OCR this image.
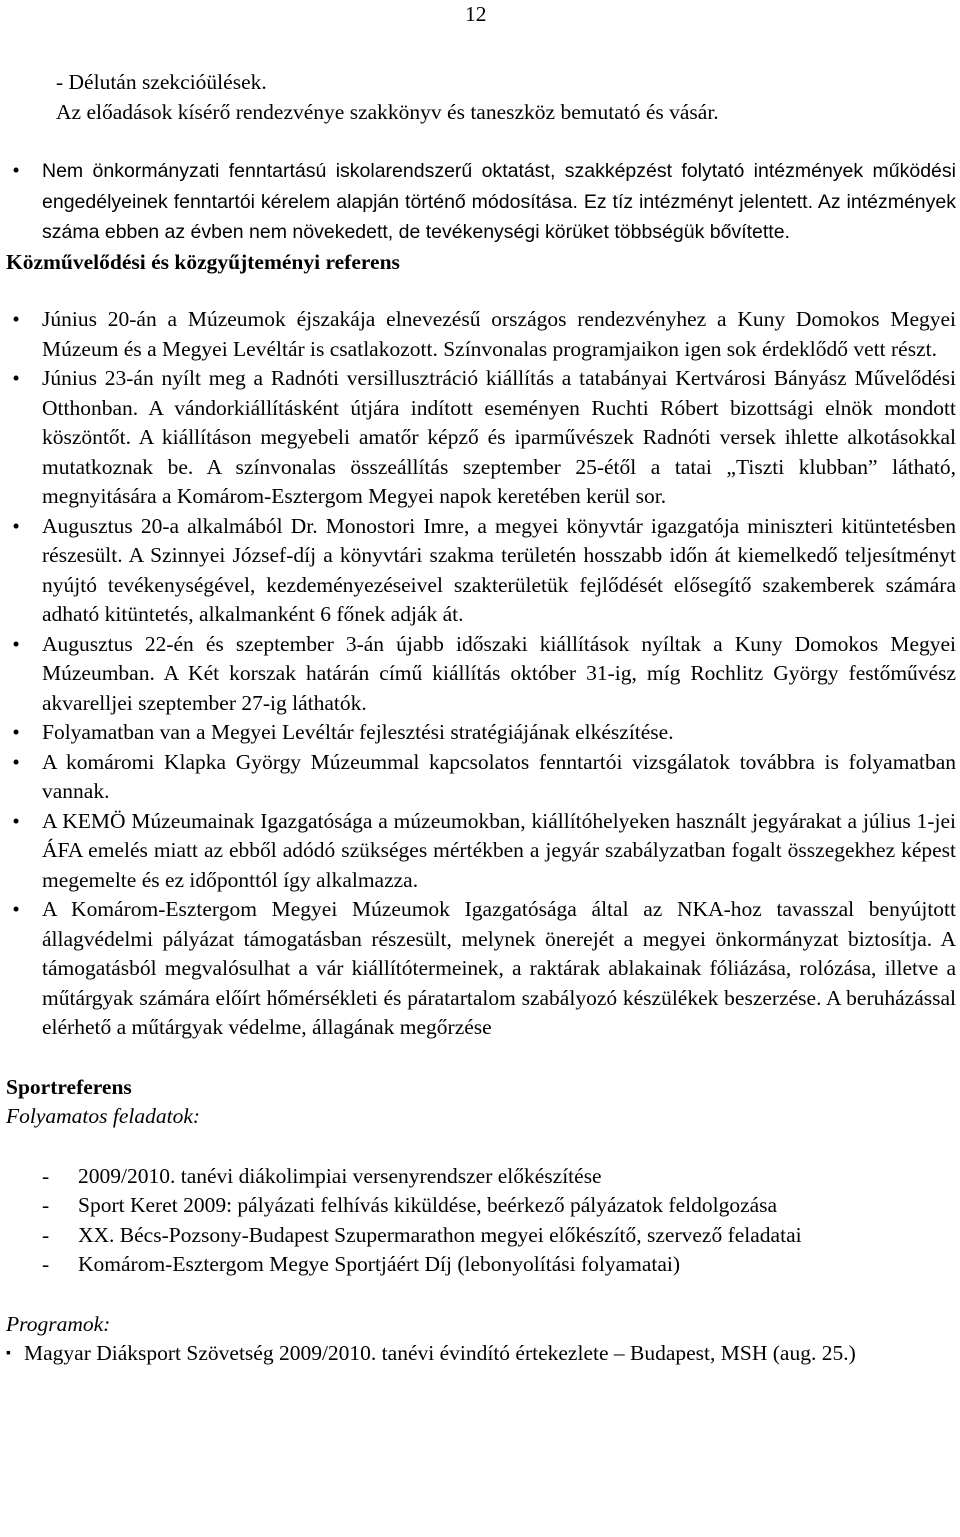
12

- Délután szekcióülések.

Az előadások kísérő rendezvénye szakkönyv és taneszköz bemutató és vásár.

•	Nem önkormányzati fenntartású iskolarendszerű oktatást, szakképzést folytató intézmények működési engedélyeinek fenntartói kérelem alapján történő módosítása. Ez tíz intézményt jelentett. Az intézmények száma ebben az évben nem növekedett, de tevékenységi körüket többségük bővítette.

Közművelődési és közgyűjteményi referens

• Június 20-án a Múzeumok éjszakája elnevezésű országos rendezvényhez a Kuny Domokos Megyei Múzeum és a Megyei Levéltár is csatlakozott. Színvonalas programjaikon igen sok érdeklődő vett részt.
• Június 23-án nyílt meg a Radnóti versillusztráció kiállítás a tatabányai Kertvárosi Bányász Művelődési Otthonban. A vándorkiállításként útjára indított eseményen Ruchti Róbert bizottsági elnök mondott köszöntőt. A kiállításon megyebeli amatőr képző és iparművészek Radnóti versek ihlette alkotásokkal mutatkoznak be. A színvonalas összeállítás szeptember 25-étől a tatai „Tiszti klubban” látható, megnyitására a Komárom-Esztergom Megyei napok keretében kerül sor.
• Augusztus 20-a alkalmából Dr. Monostori Imre, a megyei könyvtár igazgatója miniszteri kitüntetésben részesült. A Szinnyei József-díj a könyvtári szakma területén hosszabb időn át kiemelkedő teljesítményt nyújtó tevékenységével, kezdeményezéseivel szakterületük fejlődését elősegítő szakemberek számára adható kitüntetés, alkalmanként 6 főnek adják át.
• Augusztus 22-én és szeptember 3-án újabb időszaki kiállítások nyíltak a Kuny Domokos Megyei Múzeumban. A Két korszak határán című kiállítás október 31-ig, míg Rochlitz György festőművész akvarelljei szeptember 27-ig láthatók.
• Folyamatban van a Megyei Levéltár fejlesztési stratégiájának elkészítése.
• A komáromi Klapka György Múzeummal kapcsolatos fenntartói vizsgálatok továbbra is folyamatban vannak.
• A KEMÖ Múzeumainak Igazgatósága a múzeumokban, kiállítóhelyeken használt jegyárakat a július 1-jei ÁFA emelés miatt az ebből adódó szükséges mértékben a jegyár szabályzatban fogalt összegekhez képest megemelte és ez időponttól így alkalmazza.
• A Komárom-Esztergom Megyei Múzeumok Igazgatósága által az NKA-hoz tavasszal benyújtott állagvédelmi pályázat támogatásban részesült, melynek önerejét a megyei önkormányzat biztosítja. A támogatásból megvalósulhat a vár kiállítótermeinek, a raktárak ablakainak fóliázása, rolózása, illetve a műtárgyak számára előírt hőmérsékleti és páratartalom szabályozó készülékek beszerzése. A beruházással elérhető a műtárgyak védelme, állagának megőrzése

Sportreferens

Folyamatos feladatok:

- 2009/2010. tanévi diákolimpiai versenyrendszer előkészítése
- Sport Keret 2009: pályázati felhívás kiküldése, beérkező pályázatok feldolgozása
- XX. Bécs-Pozsony-Budapest Szupermarathon megyei előkészítő, szervező feladatai
- Komárom-Esztergom Megye Sportjáért Díj (lebonyolítási folyamatai)

Programok:

▪ Magyar Diáksport Szövetség 2009/2010. tanévi évindító értekezlete – Budapest, MSH (aug. 25.)
